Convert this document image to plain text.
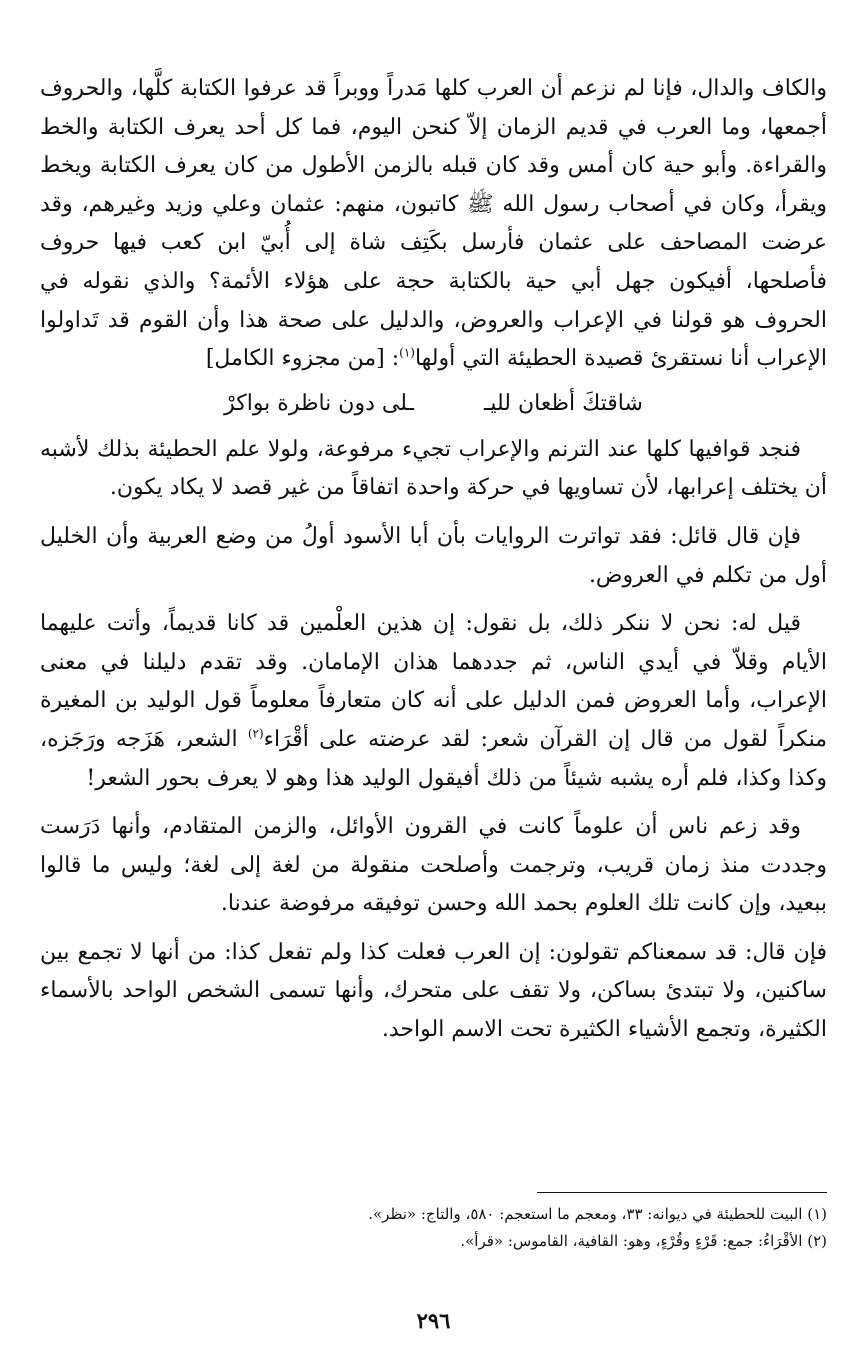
والكاف والدال، فإنا لم نزعم أن العرب كلها مَدراً ووبراً قد عرفوا الكتابة كلَّها، والحروف أجمعها، وما العرب في قديم الزمان إلاّ كنحن اليوم، فما كل أحد يعرف الكتابة والخط والقراءة. وأبو حية كان أمس وقد كان قبله بالزمن الأطول من كان يعرف الكتابة ويخط ويقرأ، وكان في أصحاب رسول الله ﷺ كاتبون، منهم: عثمان وعلي وزيد وغيرهم، وقد عرضت المصاحف على عثمان فأرسل بكَتِف شاة إلى أُبيّ ابن كعب فيها حروف فأصلحها، أفيكون جهل أبي حية بالكتابة حجة على هؤلاء الأئمة؟ والذي نقوله في الحروف هو قولنا في الإعراب والعروض، والدليل على صحة هذا وأن القوم قد تَداولوا الإعراب أنا نستقرئ قصيدة الحطيئة التي أولها$^{(١)}$: [من مجزوء الكامل]

شاقتكَ أظعان لليـ
ـلى دون ناظرة بواكرْ

فنجد قوافيها كلها عند الترنم والإعراب تجيء مرفوعة، ولولا علم الحطيئة بذلك لأشبه أن يختلف إعرابها، لأن تساويها في حركة واحدة اتفاقاً من غير قصد لا يكاد يكون.

فإن قال قائل: فقد تواترت الروايات بأن أبا الأسود أولُ من وضع العربية وأن الخليل أول من تكلم في العروض.

قيل له: نحن لا ننكر ذلك، بل نقول: إن هذين العلْمين قد كانا قديماً، وأتت عليهما الأيام وقلاّ في أيدي الناس، ثم جددهما هذان الإمامان. وقد تقدم دليلنا في معنى الإعراب، وأما العروض فمن الدليل على أنه كان متعارفاً معلوماً قول الوليد بن المغيرة منكراً لقول من قال إن القرآن شعر: لقد عرضته على أقْرَاء$^{(٢)}$ الشعر، هَزَجه ورَجَزه، وكذا وكذا، فلم أره يشبه شيئاً من ذلك أفيقول الوليد هذا وهو لا يعرف بحور الشعر!

وقد زعم ناس أن علوماً كانت في القرون الأوائل، والزمن المتقادم، وأنها دَرَست وجددت منذ زمان قريب، وترجمت وأصلحت منقولة من لغة إلى لغة؛ وليس ما قالوا ببعيد، وإن كانت تلك العلوم بحمد الله وحسن توفيقه مرفوضة عندنا.

فإن قال: قد سمعناكم تقولون: إن العرب فعلت كذا ولم تفعل كذا: من أنها لا تجمع بين ساكنين، ولا تبتدئ بساكن، ولا تقف على متحرك، وأنها تسمى الشخص الواحد بالأسماء الكثيرة، وتجمع الأشياء الكثيرة تحت الاسم الواحد.

(١) البيت للحطيئة في ديوانه: ٣٣، ومعجم ما استعجم: ٥٨٠، والتاج: «نظر».

(٢) الأقْرَاءُ: جمع: قَرْءٍ وقُرْءٍ، وهو: القافية، القاموس: «قرأ».

٢٩٦
